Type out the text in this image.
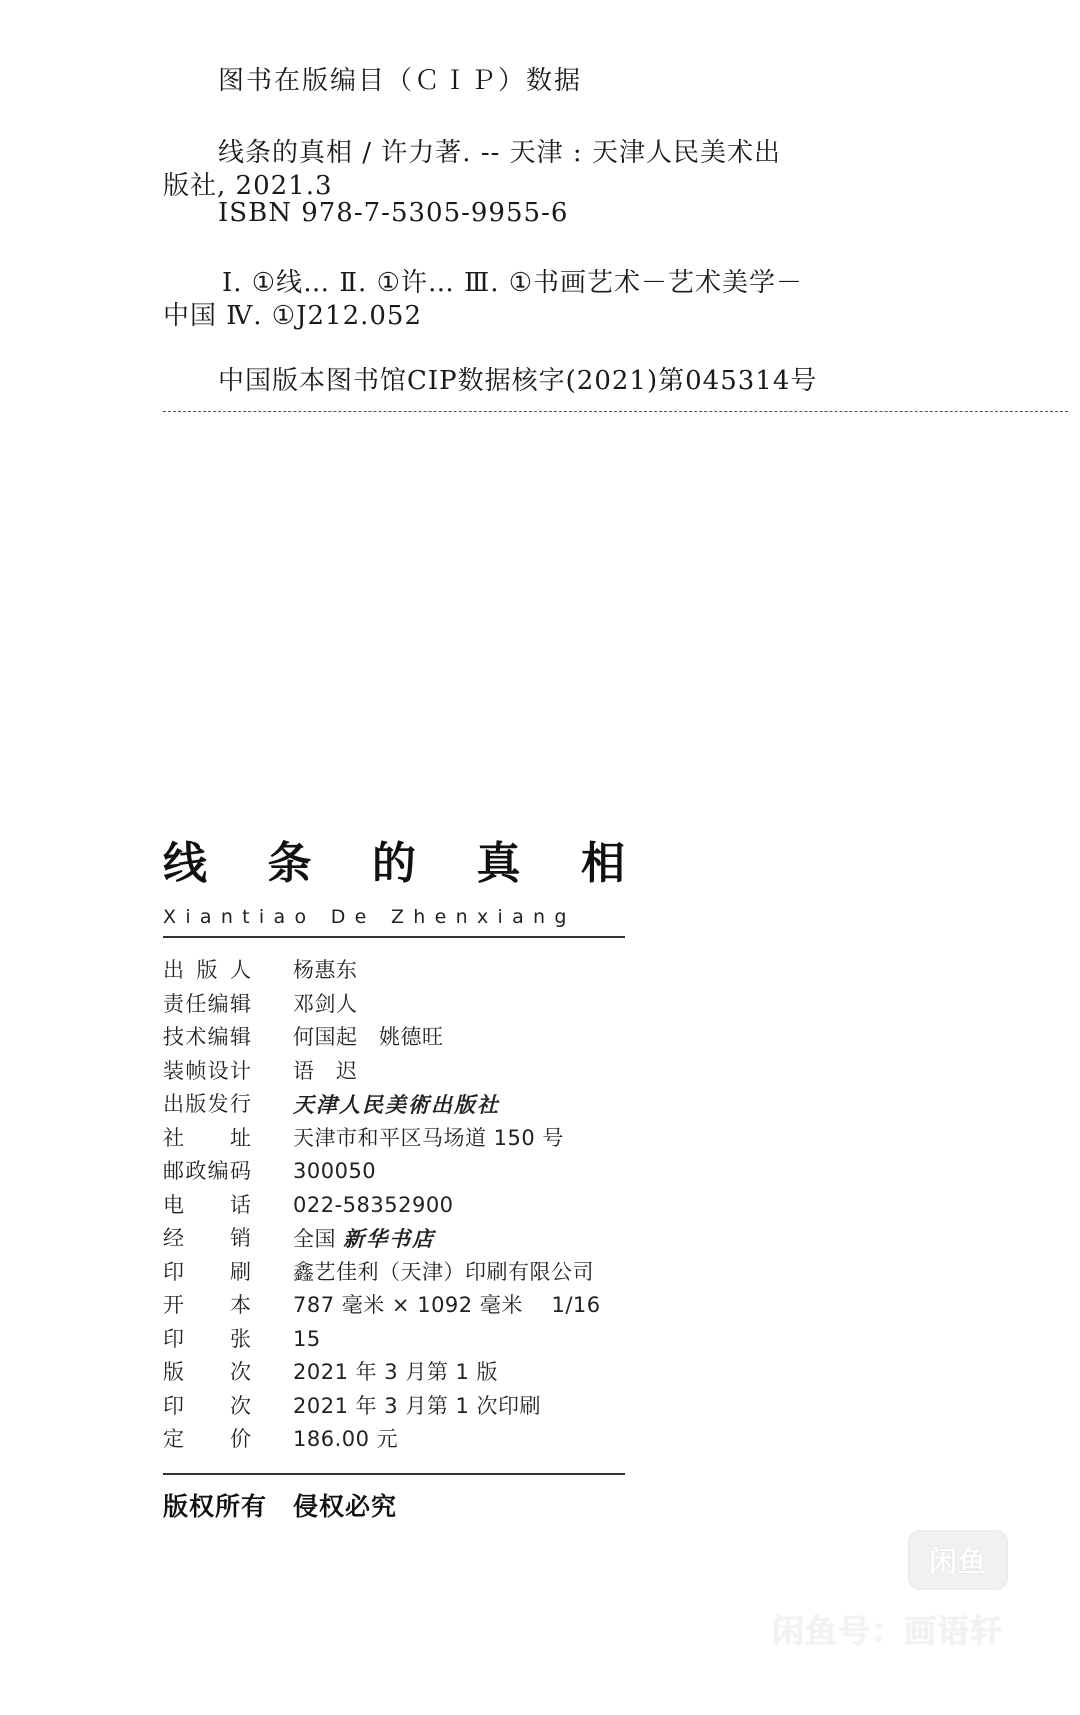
图书在版编目（ＣＩＰ）数据
线条的真相 / 许力著. -- 天津 : 天津人民美术出
版社, 2021.3
ISBN 978-7-5305-9955-6
Ⅰ. ①线… Ⅱ. ①许… Ⅲ. ①书画艺术－艺术美学－
中国 Ⅳ. ①J212.052
中国版本图书馆CIP数据核字(2021)第045314号
线 条 的 真 相
Xiantiao De Zhenxiang
出 版 人 杨惠东
责 任 编 辑 邓剑人
技 术 编 辑 何国起　姚德旺
装 帧 设 计 语　迟
出 版 发 行 天津人民美術出版社
社 址 天津市和平区马场道 150 号
邮 政 编 码 300050
电 话 022-58352900
经 销 全国 新华书店
印 刷 鑫艺佳利（天津）印刷有限公司
开 本 787 毫米 × 1092 毫米　 1/16
印 张 15
版 次 2021 年 3 月第 1 版
印 次 2021 年 3 月第 1 次印刷
定 价 186.00 元
版权所有 侵权必究
闲鱼
闲鱼号：画语轩
